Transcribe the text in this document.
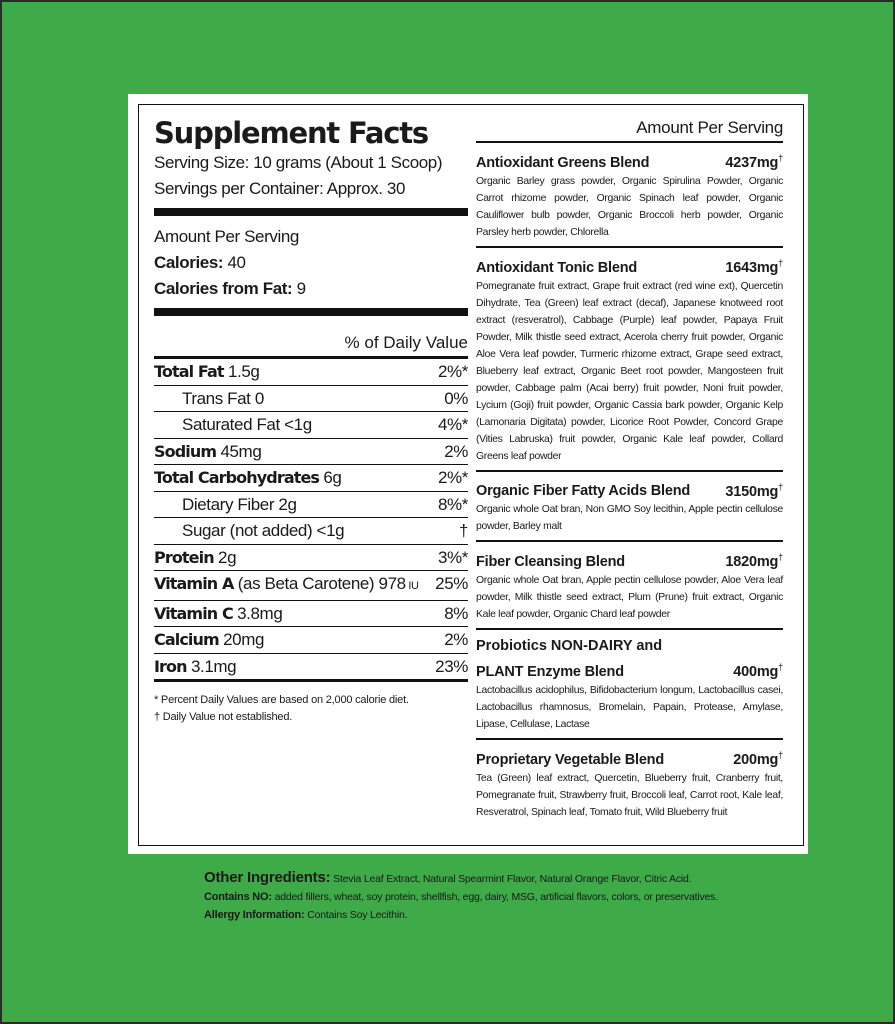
Supplement Facts
Serving Size: 10 grams (About 1 Scoop)
Servings per Container: Approx. 30
Amount Per Serving
Calories: 40
Calories from Fat: 9
% of Daily Value
Total Fat 1.5g	2%*
Trans Fat 0	0%
Saturated Fat <1g	4%*
Sodium 45mg	2%
Total Carbohydrates 6g	2%*
Dietary Fiber 2g	8%*
Sugar (not added) <1g	†
Protein 2g	3%*
Vitamin A (as Beta Carotene) 978 IU 25%
Vitamin C 3.8mg	8%
Calcium 20mg	2%
Iron 3.1mg	23%
* Percent Daily Values are based on 2,000 calorie diet.
† Daily Value not established.
Amount Per Serving
Antioxidant Greens Blend	4237mg†
Organic Barley grass powder, Organic Spirulina Powder, Organic Carrot rhizome powder, Organic Spinach leaf powder, Organic Cauliflower bulb powder, Organic Broccoli herb powder, Organic Parsley herb powder, Chlorella
Antioxidant Tonic Blend	1643mg†
Pomegranate fruit extract, Grape fruit extract (red wine ext), Quercetin Dihydrate, Tea (Green) leaf extract (decaf), Japanese knotweed root extract (resveratrol), Cabbage (Purple) leaf powder, Papaya Fruit Powder, Milk thistle seed extract, Acerola cherry fruit powder, Organic Aloe Vera leaf powder, Turmeric rhizome extract, Grape seed extract, Blueberry leaf extract, Organic Beet root powder, Mangosteen fruit powder, Cabbage palm (Acai berry) fruit powder, Noni fruit powder, Lycium (Goji) fruit powder, Organic Cassia bark powder, Organic Kelp (Lamonaria Digitata) powder, Licorice Root Powder, Concord Grape (Vities Labruska) fruit powder, Organic Kale leaf powder, Collard Greens leaf powder
Organic Fiber Fatty Acids Blend 3150mg†
Organic whole Oat bran, Non GMO Soy lecithin, Apple pectin cellulose powder, Barley malt
Fiber Cleansing Blend	1820mg†
Organic whole Oat bran, Apple pectin cellulose powder, Aloe Vera leaf powder, Milk thistle seed extract, Plum (Prune) fruit extract, Organic Kale leaf powder, Organic Chard leaf powder
Probiotics NON-DAIRY and
PLANT Enzyme Blend	400mg†
Lactobacillus acidophilus, Bifidobacterium longum, Lactobacillus casei, Lactobacillus rhamnosus, Bromelain, Papain, Protease, Amylase, Lipase, Cellulase, Lactase
Proprietary Vegetable Blend	200mg†
Tea (Green) leaf extract, Quercetin, Blueberry fruit, Cranberry fruit, Pomegranate fruit, Strawberry fruit, Broccoli leaf, Carrot root, Kale leaf, Resveratrol, Spinach leaf, Tomato fruit, Wild Blueberry fruit
Other Ingredients: Stevia Leaf Extract, Natural Spearmint Flavor, Natural Orange Flavor, Citric Acid.
Contains NO: added fillers, wheat, soy protein, shellfish, egg, dairy, MSG, artificial flavors, colors, or preservatives.
Allergy Information: Contains Soy Lecithin.
